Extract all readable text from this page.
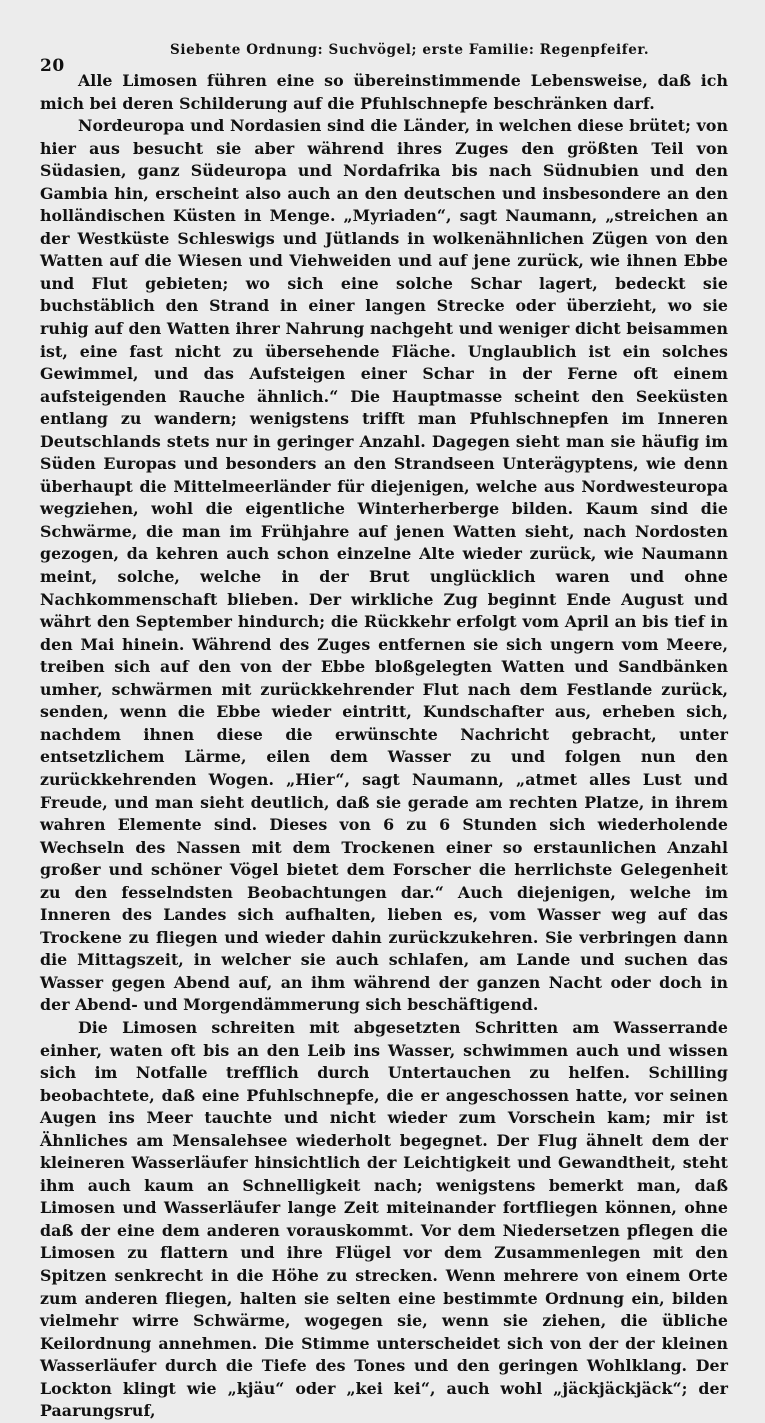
20
Siebente Ordnung: Suchvögel; erste Familie: Regenpfeifer.

Alle Limosen führen eine so übereinstimmende Lebensweise, daß ich mich bei deren Schilderung auf die Pfuhlschnepfe beschränken darf.

Nordeuropa und Nordasien sind die Länder, in welchen diese brütet; von hier aus besucht sie aber während ihres Zuges den größten Teil von Südasien, ganz Südeuropa und Nordafrika bis nach Südnubien und den Gambia hin, erscheint also auch an den deutschen und insbesondere an den holländischen Küsten in Menge. „Myriaden“, sagt Naumann, „streichen an der Westküste Schleswigs und Jütlands in wolkenähnlichen Zügen von den Watten auf die Wiesen und Viehweiden und auf jene zurück, wie ihnen Ebbe und Flut gebieten; wo sich eine solche Schar lagert, bedeckt sie buchstäblich den Strand in einer langen Strecke oder überzieht, wo sie ruhig auf den Watten ihrer Nahrung nachgeht und weniger dicht beisammen ist, eine fast nicht zu übersehende Fläche. Unglaublich ist ein solches Gewimmel, und das Aufsteigen einer Schar in der Ferne oft einem aufsteigenden Rauche ähnlich.“ Die Hauptmasse scheint den Seeküsten entlang zu wandern; wenigstens trifft man Pfuhlschnepfen im Inneren Deutschlands stets nur in geringer Anzahl. Dagegen sieht man sie häufig im Süden Europas und besonders an den Strandseen Unterägyptens, wie denn überhaupt die Mittelmeerländer für diejenigen, welche aus Nordwesteuropa wegziehen, wohl die eigentliche Winterherberge bilden. Kaum sind die Schwärme, die man im Frühjahre auf jenen Watten sieht, nach Nordosten gezogen, da kehren auch schon einzelne Alte wieder zurück, wie Naumann meint, solche, welche in der Brut unglücklich waren und ohne Nachkommenschaft blieben. Der wirkliche Zug beginnt Ende August und währt den September hindurch; die Rückkehr erfolgt vom April an bis tief in den Mai hinein. Während des Zuges entfernen sie sich ungern vom Meere, treiben sich auf den von der Ebbe bloßgelegten Watten und Sandbänken umher, schwärmen mit zurückkehrender Flut nach dem Festlande zurück, senden, wenn die Ebbe wieder eintritt, Kundschafter aus, erheben sich, nachdem ihnen diese die erwünschte Nachricht gebracht, unter entsetzlichem Lärme, eilen dem Wasser zu und folgen nun den zurückkehrenden Wogen. „Hier“, sagt Naumann, „atmet alles Lust und Freude, und man sieht deutlich, daß sie gerade am rechten Platze, in ihrem wahren Elemente sind. Dieses von 6 zu 6 Stunden sich wiederholende Wechseln des Nassen mit dem Trockenen einer so erstaunlichen Anzahl großer und schöner Vögel bietet dem Forscher die herrlichste Gelegenheit zu den fesselndsten Beobachtungen dar.“ Auch diejenigen, welche im Inneren des Landes sich aufhalten, lieben es, vom Wasser weg auf das Trockene zu fliegen und wieder dahin zurückzukehren. Sie verbringen dann die Mittagszeit, in welcher sie auch schlafen, am Lande und suchen das Wasser gegen Abend auf, an ihm während der ganzen Nacht oder doch in der Abend- und Morgendämmerung sich beschäftigend.

Die Limosen schreiten mit abgesetzten Schritten am Wasserrande einher, waten oft bis an den Leib ins Wasser, schwimmen auch und wissen sich im Notfalle trefflich durch Untertauchen zu helfen. Schilling beobachtete, daß eine Pfuhlschnepfe, die er angeschossen hatte, vor seinen Augen ins Meer tauchte und nicht wieder zum Vorschein kam; mir ist Ähnliches am Mensalehsee wiederholt begegnet. Der Flug ähnelt dem der kleineren Wasserläufer hinsichtlich der Leichtigkeit und Gewandtheit, steht ihm auch kaum an Schnelligkeit nach; wenigstens bemerkt man, daß Limosen und Wasserläufer lange Zeit miteinander fortfliegen können, ohne daß der eine dem anderen vorauskommt. Vor dem Niedersetzen pflegen die Limosen zu flattern und ihre Flügel vor dem Zusammenlegen mit den Spitzen senkrecht in die Höhe zu strecken. Wenn mehrere von einem Orte zum anderen fliegen, halten sie selten eine bestimmte Ordnung ein, bilden vielmehr wirre Schwärme, wogegen sie, wenn sie ziehen, die übliche Keilordnung annehmen. Die Stimme unterscheidet sich von der der kleinen Wasserläufer durch die Tiefe des Tones und den geringen Wohlklang. Der Lockton klingt wie „kjäu“ oder „kei kei“, auch wohl „jäckjäckjäck“; der Paarungsruf,
